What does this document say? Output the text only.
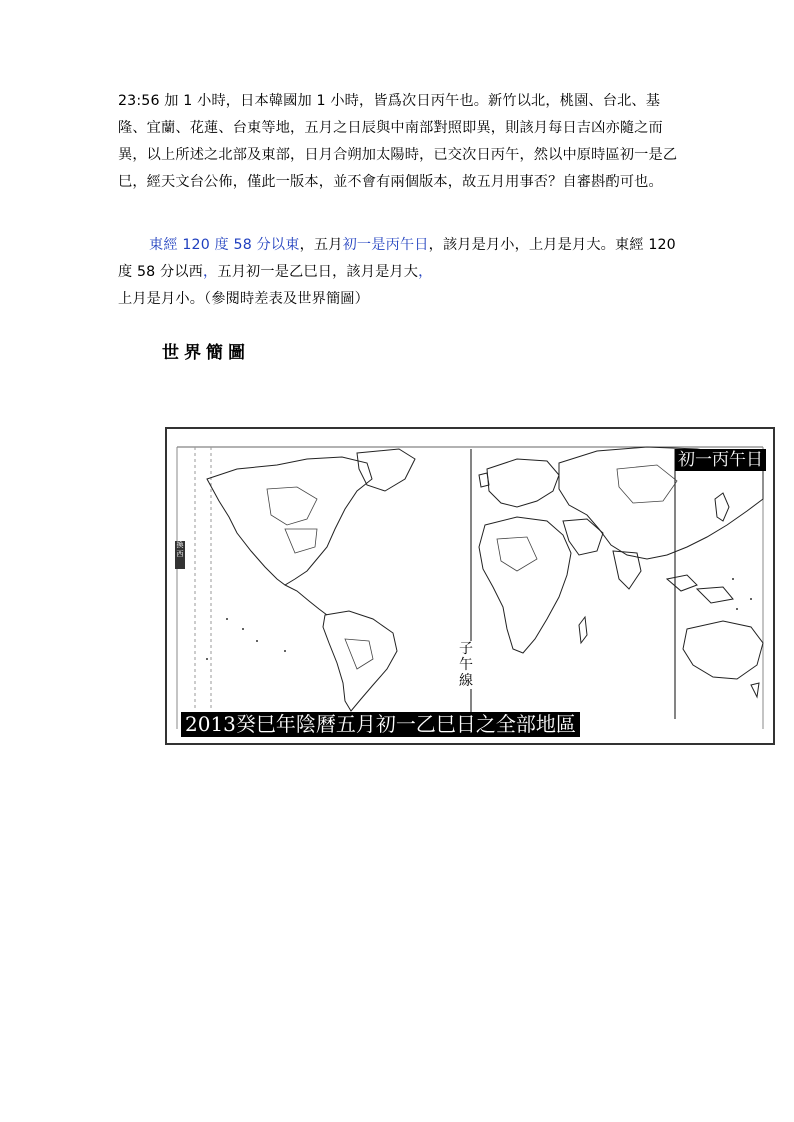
23:56 加 1 小時，日本韓國加 1 小時，皆爲次日丙午也。新竹以北，桃園、台北、基隆、宜蘭、花蓮、台東等地，五月之日辰與中南部對照即異，則該月每日吉凶亦隨之而異，以上所述之北部及東部，日月合朔加太陽時，已交次日丙午，然以中原時區初一是乙巳，經天文台公佈，僅此一版本，並不會有兩個版本，故五月用事否？自審斟酌可也。
東經 120 度 58 分以東，五月初一是丙午日，該月是月小，上月是月大。東經 120 度 58 分以西，五月初一是乙巳日，該月是月大，上月是月小。（參閱時差表及世界簡圖）
世界簡圖
換西
初一丙午日
子午線
2013癸巳年陰曆五月初一乙巳日之全部地區
